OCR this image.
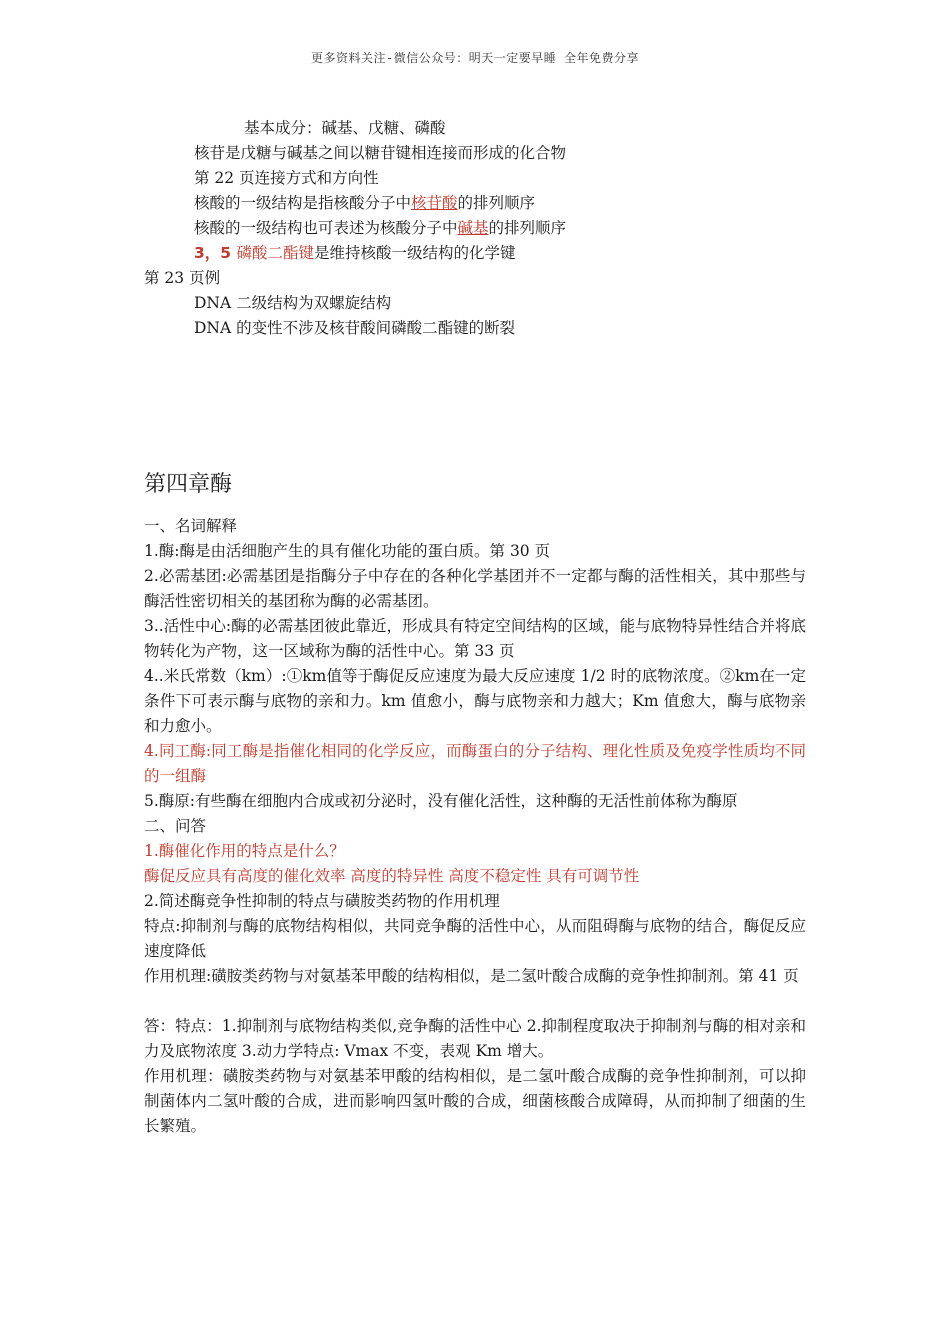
更多资料关注-微信公众号：明天一定要早睡 全年免费分享
基本成分：碱基、戊糖、磷酸
核苷是戊糖与碱基之间以糖苷键相连接而形成的化合物
第 22 页连接方式和方向性
核酸的一级结构是指核酸分子中核苷酸的排列顺序
核酸的一级结构也可表述为核酸分子中碱基的排列顺序
3，5 磷酸二酯键是维持核酸一级结构的化学键
第 23 页例
DNA 二级结构为双螺旋结构
DNA 的变性不涉及核苷酸间磷酸二酯键的断裂
第四章酶
一、名词解释
1.酶:酶是由活细胞产生的具有催化功能的蛋白质。第 30 页
2.必需基团:必需基团是指酶分子中存在的各种化学基团并不一定都与酶的活性相关，其中那些与酶活性密切相关的基团称为酶的必需基团。
3..活性中心:酶的必需基团彼此靠近，形成具有特定空间结构的区域，能与底物特异性结合并将底物转化为产物，这一区域称为酶的活性中心。第 33 页
4..米氏常数（km）:①km值等于酶促反应速度为最大反应速度 1/2 时的底物浓度。②km在一定条件下可表示酶与底物的亲和力。km 值愈小，酶与底物亲和力越大；Km 值愈大，酶与底物亲和力愈小。
4.同工酶:同工酶是指催化相同的化学反应，而酶蛋白的分子结构、理化性质及免疫学性质均不同的一组酶
5.酶原:有些酶在细胞内合成或初分泌时，没有催化活性，这种酶的无活性前体称为酶原
二、问答
1.酶催化作用的特点是什么？
酶促反应具有高度的催化效率 高度的特异性 高度不稳定性 具有可调节性
2.简述酶竞争性抑制的特点与磺胺类药物的作用机理
特点:抑制剂与酶的底物结构相似，共同竞争酶的活性中心，从而阻碍酶与底物的结合，酶促反应速度降低
作用机理:磺胺类药物与对氨基苯甲酸的结构相似，是二氢叶酸合成酶的竞争性抑制剂。第 41 页
答：特点：1.抑制剂与底物结构类似,竞争酶的活性中心 2.抑制程度取决于抑制剂与酶的相对亲和力及底物浓度 3.动力学特点: Vmax 不变，表观 Km 增大。
作用机理：磺胺类药物与对氨基苯甲酸的结构相似，是二氢叶酸合成酶的竞争性抑制剂，可以抑制菌体内二氢叶酸的合成，进而影响四氢叶酸的合成，细菌核酸合成障碍，从而抑制了细菌的生长繁殖。
